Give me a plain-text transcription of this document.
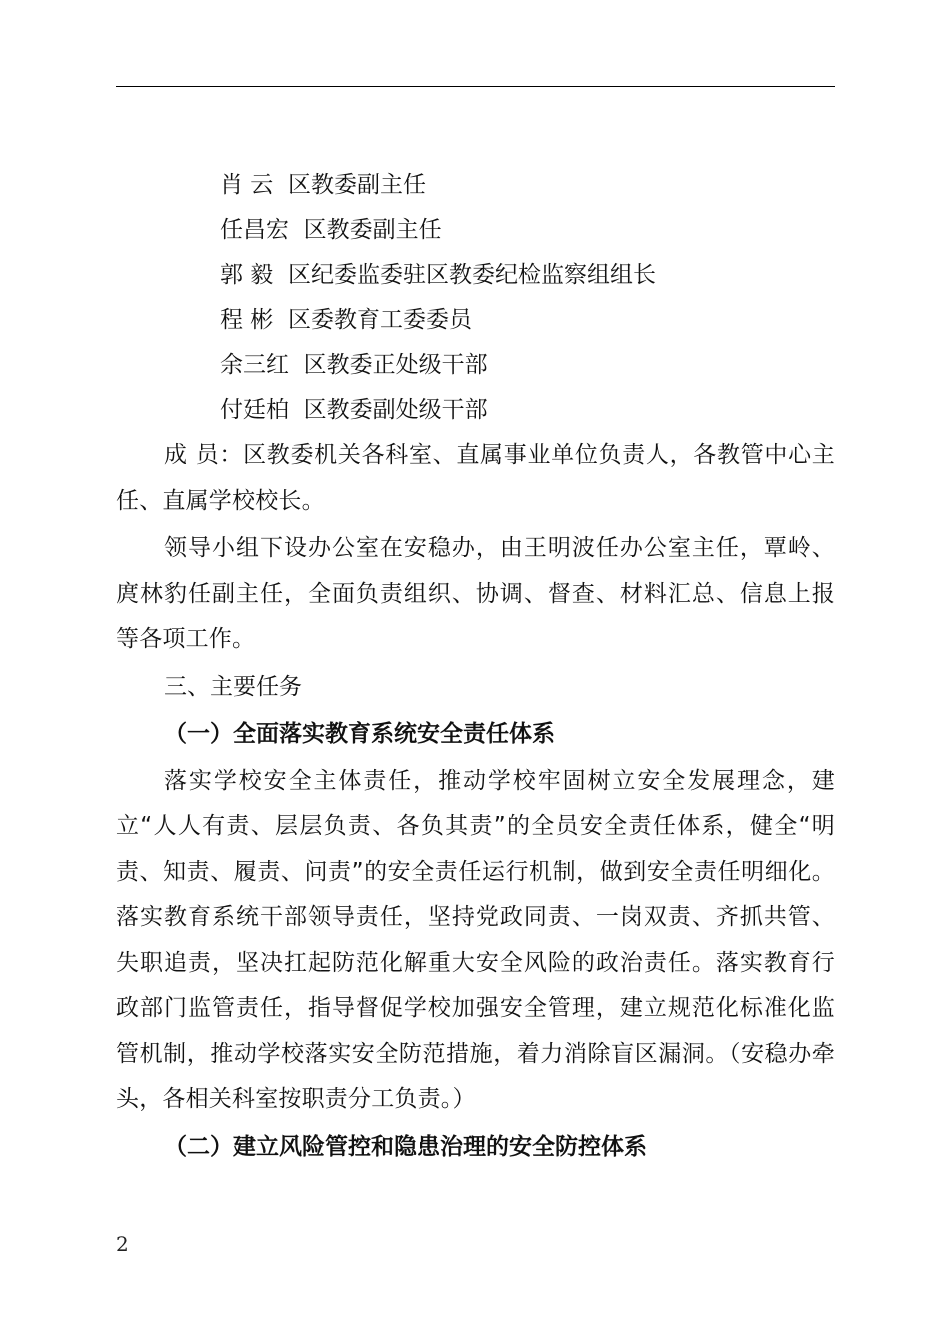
肖 云 区教委副主任
任昌宏 区教委副主任
郭 毅 区纪委监委驻区教委纪检监察组组长
程 彬 区委教育工委委员
余三红 区教委正处级干部
付廷柏 区教委副处级干部

成 员：区教委机关各科室、直属事业单位负责人，各教管中心主任、直属学校校长。

领导小组下设办公室在安稳办，由王明波任办公室主任，覃岭、庹林豹任副主任，全面负责组织、协调、督查、材料汇总、信息上报等各项工作。

三、主要任务
（一）全面落实教育系统安全责任体系

落实学校安全主体责任，推动学校牢固树立安全发展理念，建立“人人有责、层层负责、各负其责”的全员安全责任体系，健全“明责、知责、履责、问责”的安全责任运行机制，做到安全责任明细化。落实教育系统干部领导责任，坚持党政同责、一岗双责、齐抓共管、失职追责，坚决扛起防范化解重大安全风险的政治责任。落实教育行政部门监管责任，指导督促学校加强安全管理，建立规范化标准化监管机制，推动学校落实安全防范措施，着力消除盲区漏洞。（安稳办牵头，各相关科室按职责分工负责。）

（二）建立风险管控和隐患治理的安全防控体系
2
